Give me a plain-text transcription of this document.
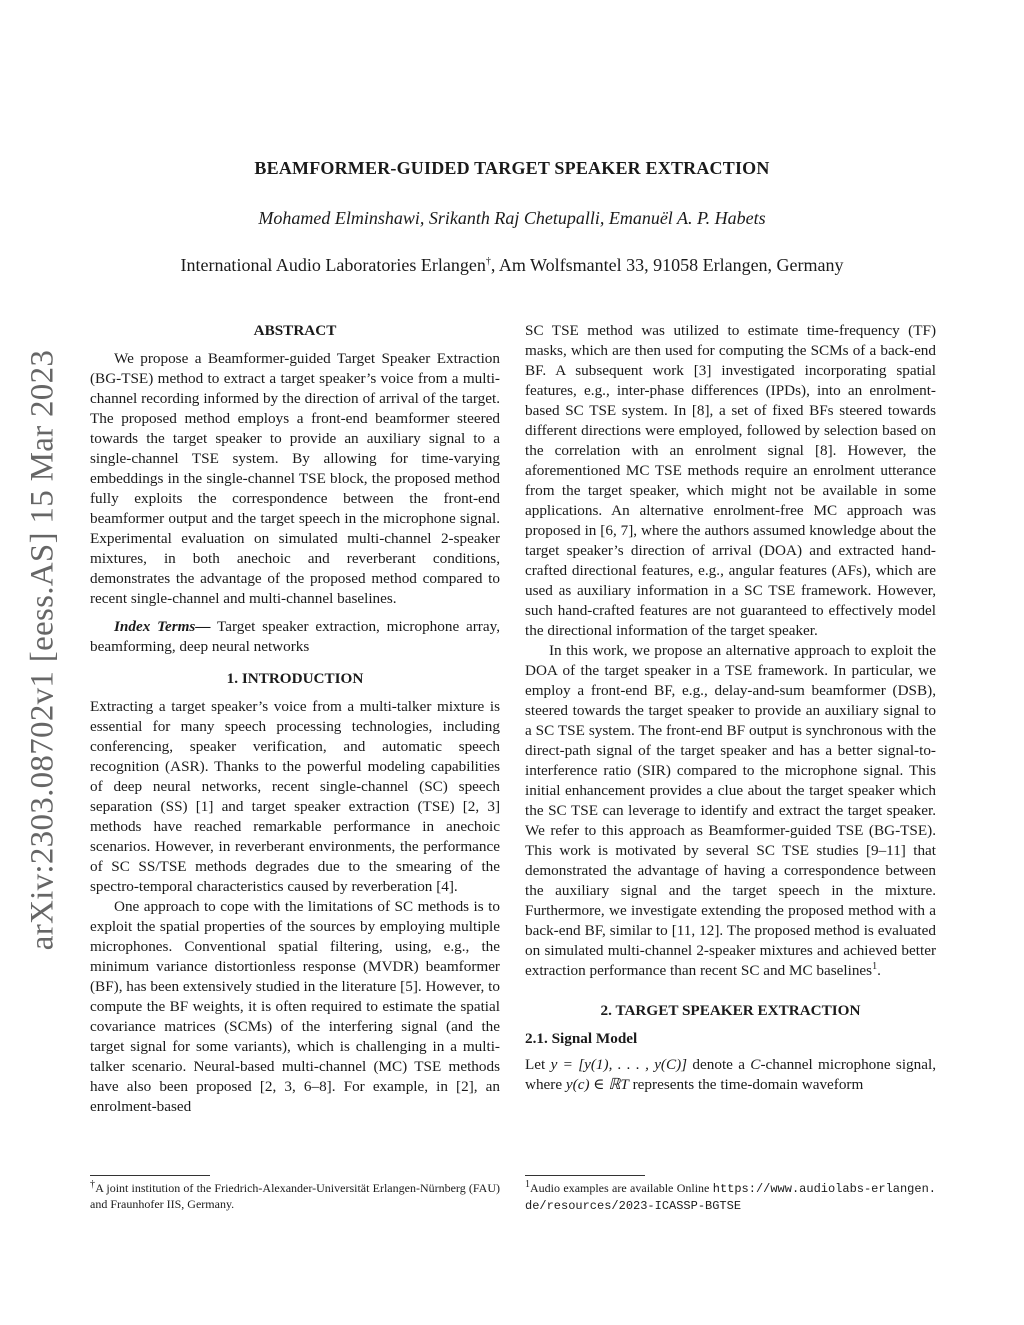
BEAMFORMER-GUIDED TARGET SPEAKER EXTRACTION
Mohamed Elminshawi, Srikanth Raj Chetupalli, Emanuël A. P. Habets
International Audio Laboratories Erlangen†, Am Wolfsmantel 33, 91058 Erlangen, Germany
arXiv:2303.08702v1 [eess.AS] 15 Mar 2023
ABSTRACT

We propose a Beamformer-guided Target Speaker Extraction (BG-TSE) method to extract a target speaker’s voice from a multi-channel recording informed by the direction of arrival of the target. The proposed method employs a front-end beamformer steered towards the target speaker to provide an auxiliary signal to a single-channel TSE system. By allowing for time-varying embeddings in the single-channel TSE block, the proposed method fully exploits the correspondence between the front-end beamformer output and the target speech in the microphone signal. Experimental evaluation on simulated multi-channel 2-speaker mixtures, in both anechoic and reverberant conditions, demonstrates the advantage of the proposed method compared to recent single-channel and multi-channel baselines.

Index Terms— Target speaker extraction, microphone array, beamforming, deep neural networks

1. INTRODUCTION

Extracting a target speaker’s voice from a multi-talker mixture is essential for many speech processing technologies, including conferencing, speaker verification, and automatic speech recognition (ASR). Thanks to the powerful modeling capabilities of deep neural networks, recent single-channel (SC) speech separation (SS) [1] and target speaker extraction (TSE) [2, 3] methods have reached remarkable performance in anechoic scenarios. However, in reverberant environments, the performance of SC SS/TSE methods degrades due to the smearing of the spectro-temporal characteristics caused by reverberation [4].

One approach to cope with the limitations of SC methods is to exploit the spatial properties of the sources by employing multiple microphones. Conventional spatial filtering, using, e.g., the minimum variance distortionless response (MVDR) beamformer (BF), has been extensively studied in the literature [5]. However, to compute the BF weights, it is often required to estimate the spatial covariance matrices (SCMs) of the interfering signal (and the target signal for some variants), which is challenging in a multi-talker scenario. Neural-based multi-channel (MC) TSE methods have also been proposed [2, 3, 6–8]. For example, in [2], an enrolment-based

SC TSE method was utilized to estimate time-frequency (TF) masks, which are then used for computing the SCMs of a back-end BF. A subsequent work [3] investigated incorporating spatial features, e.g., inter-phase differences (IPDs), into an enrolment-based SC TSE system. In [8], a set of fixed BFs steered towards different directions were employed, followed by selection based on the correlation with an enrolment signal [8]. However, the aforementioned MC TSE methods require an enrolment utterance from the target speaker, which might not be available in some applications. An alternative enrolment-free MC approach was proposed in [6, 7], where the authors assumed knowledge about the target speaker’s direction of arrival (DOA) and extracted hand-crafted directional features, e.g., angular features (AFs), which are used as auxiliary information in a SC TSE framework. However, such hand-crafted features are not guaranteed to effectively model the directional information of the target speaker.

In this work, we propose an alternative approach to exploit the DOA of the target speaker in a TSE framework. In particular, we employ a front-end BF, e.g., delay-and-sum beamformer (DSB), steered towards the target speaker to provide an auxiliary signal to a SC TSE system. The front-end BF output is synchronous with the direct-path signal of the target speaker and has a better signal-to-interference ratio (SIR) compared to the microphone signal. This initial enhancement provides a clue about the target speaker which the SC TSE can leverage to identify and extract the target speaker. We refer to this approach as Beamformer-guided TSE (BG-TSE). This work is motivated by several SC TSE studies [9–11] that demonstrated the advantage of having a correspondence between the auxiliary signal and the target speech in the mixture. Furthermore, we investigate extending the proposed method with a back-end BF, similar to [11, 12]. The proposed method is evaluated on simulated multi-channel 2-speaker mixtures and achieved better extraction performance than recent SC and MC baselines$^1$.

2. TARGET SPEAKER EXTRACTION
2.1. Signal Model

Let y = [y(1), . . . , y(C)] denote a C-channel microphone signal, where y(c) ∈ ℝT represents the time-domain waveform

†A joint institution of the Friedrich-Alexander-Universität Erlangen-Nürnberg (FAU) and Fraunhofer IIS, Germany.
$^1$Audio examples are available Online https://www.audiolabs-erlangen.de/resources/2023-ICASSP-BGTSE
